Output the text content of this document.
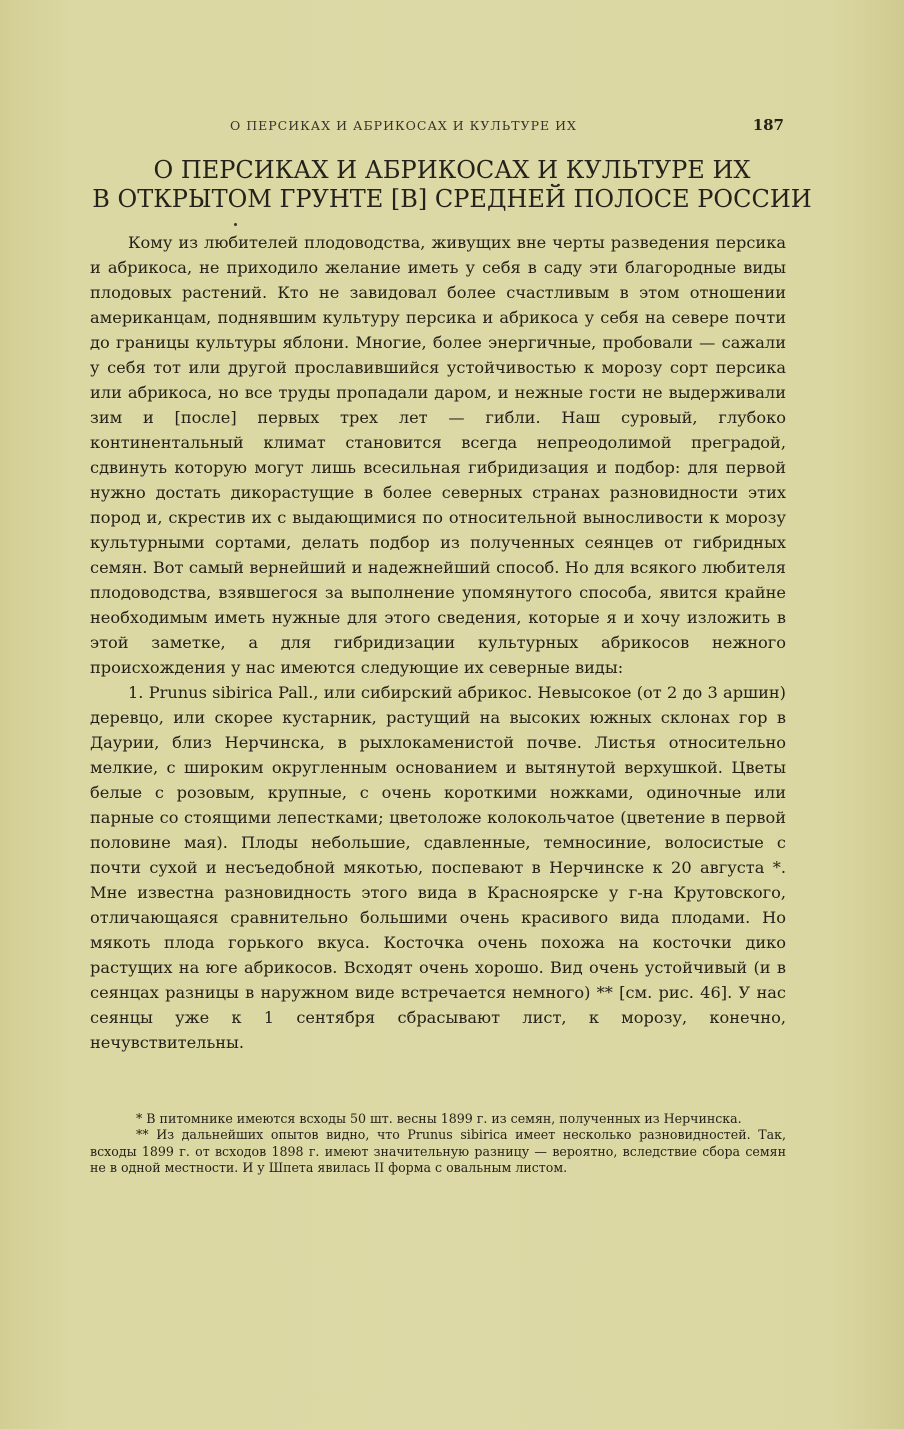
О ПЕРСИКАХ И АБРИКОСАХ И КУЛЬТУРЕ ИХ	187
О ПЕРСИКАХ И АБРИКОСАХ И КУЛЬТУРЕ ИХ
В ОТКРЫТОМ ГРУНТЕ [В] СРЕДНЕЙ ПОЛОСЕ РОССИИ

Кому из любителей плодоводства, живущих вне черты разведения персика и абрикоса, не приходило желание иметь у себя в саду эти благородные виды плодовых растений. Кто не завидовал более счастливым в этом отношении американцам, поднявшим культуру персика и абрикоса у себя на севере почти до границы культуры яблони. Многие, более энергичные, пробовали — сажали у себя тот или другой прославившийся устойчивостью к морозу сорт персика или абрикоса, но все труды пропадали даром, и нежные гости не выдерживали зим и [после] первых трех лет — гибли. Наш суровый, глубоко континентальный климат становится всегда непреодолимой преградой, сдвинуть которую могут лишь всесильная гибридизация и подбор: для первой нужно достать дикорастущие в более северных странах разновидности этих пород и, скрестив их с выдающимися по относительной выносливости к морозу культурными сортами, делать подбор из полученных сеянцев от гибридных семян. Вот самый вернейший и надежнейший способ. Но для всякого любителя плодоводства, взявшегося за выполнение упомянутого способа, явится крайне необходимым иметь нужные для этого сведения, которые я и хочу изложить в этой заметке, а для гибридизации культурных абрикосов нежного происхождения у нас имеются следующие их северные виды:

1. Prunus sibirica Pall., или сибирский абрикос. Невысокое (от 2 до 3 аршин) деревцо, или скорее кустарник, растущий на высоких южных склонах гор в Даурии, близ Нерчинска, в рыхлокаменистой почве. Листья относительно мелкие, с широким округленным основанием и вытянутой верхушкой. Цветы белые с розовым, крупные, с очень короткими ножками, одиночные или парные со стоящими лепестками; цветоложе колокольчатое (цветение в первой половине мая). Плоды небольшие, сдавленные, темносиние, волосистые с почти сухой и несъедобной мякотью, поспевают в Нерчинске к 20 августа *. Мне известна разновидность этого вида в Красноярске у г-на Крутовского, отличающаяся сравнительно большими очень красивого вида плодами. Но мякоть плода горького вкуса. Косточка очень похожа на косточки дико растущих на юге абрикосов. Всходят очень хорошо. Вид очень устойчивый (и в сеянцах разницы в наружном виде встречается немного) ** [см. рис. 46]. У нас сеянцы уже к 1 сентября сбрасывают лист, к морозу, конечно, нечувствительны.

* В питомнике имеются всходы 50 шт. весны 1899 г. из семян, полученных из Нерчинска.

** Из дальнейших опытов видно, что Prunus sibirica имеет несколько разновидностей. Так, всходы 1899 г. от всходов 1898 г. имеют значительную разницу — вероятно, вследствие сбора семян не в одной местности. И у Шпета явилась II форма с овальным листом.
